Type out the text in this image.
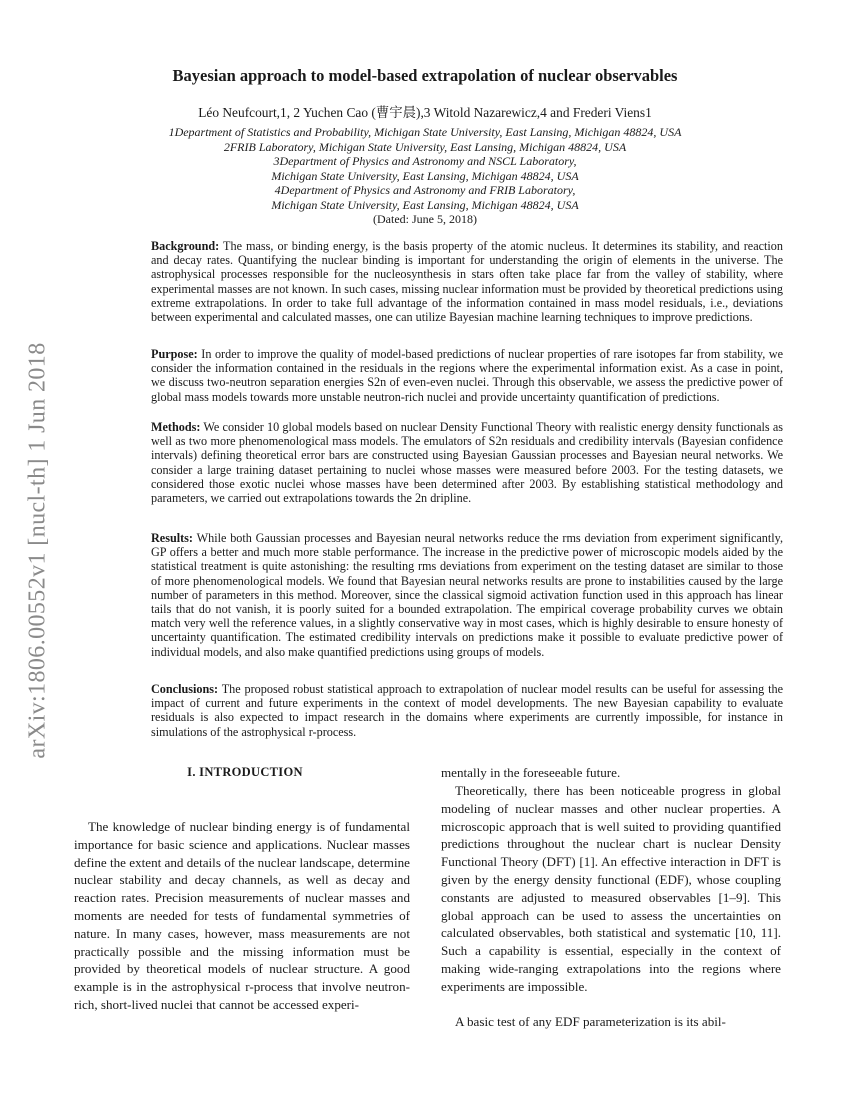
arXiv:1806.00552v1 [nucl-th] 1 Jun 2018
Bayesian approach to model-based extrapolation of nuclear observables
Léo Neufcourt,1, 2 Yuchen Cao (曹宇晨),3 Witold Nazarewicz,4 and Frederi Viens1
1Department of Statistics and Probability, Michigan State University, East Lansing, Michigan 48824, USA
2FRIB Laboratory, Michigan State University, East Lansing, Michigan 48824, USA
3Department of Physics and Astronomy and NSCL Laboratory,
Michigan State University, East Lansing, Michigan 48824, USA
4Department of Physics and Astronomy and FRIB Laboratory,
Michigan State University, East Lansing, Michigan 48824, USA
(Dated: June 5, 2018)

Background: The mass, or binding energy, is the basis property of the atomic nucleus. It determines its stability, and reaction and decay rates. Quantifying the nuclear binding is important for understanding the origin of elements in the universe. The astrophysical processes responsible for the nucleosynthesis in stars often take place far from the valley of stability, where experimental masses are not known. In such cases, missing nuclear information must be provided by theoretical predictions using extreme extrapolations. In order to take full advantage of the information contained in mass model residuals, i.e., deviations between experimental and calculated masses, one can utilize Bayesian machine learning techniques to improve predictions.

Purpose: In order to improve the quality of model-based predictions of nuclear properties of rare isotopes far from stability, we consider the information contained in the residuals in the regions where the experimental information exist. As a case in point, we discuss two-neutron separation energies S2n of even-even nuclei. Through this observable, we assess the predictive power of global mass models towards more unstable neutron-rich nuclei and provide uncertainty quantification of predictions.

Methods: We consider 10 global models based on nuclear Density Functional Theory with realistic energy density functionals as well as two more phenomenological mass models. The emulators of S2n residuals and credibility intervals (Bayesian confidence intervals) defining theoretical error bars are constructed using Bayesian Gaussian processes and Bayesian neural networks. We consider a large training dataset pertaining to nuclei whose masses were measured before 2003. For the testing datasets, we considered those exotic nuclei whose masses have been determined after 2003. By establishing statistical methodology and parameters, we carried out extrapolations towards the 2n dripline.

Results: While both Gaussian processes and Bayesian neural networks reduce the rms deviation from experiment significantly, GP offers a better and much more stable performance. The increase in the predictive power of microscopic models aided by the statistical treatment is quite astonishing: the resulting rms deviations from experiment on the testing dataset are similar to those of more phenomenological models. We found that Bayesian neural networks results are prone to instabilities caused by the large number of parameters in this method. Moreover, since the classical sigmoid activation function used in this approach has linear tails that do not vanish, it is poorly suited for a bounded extrapolation. The empirical coverage probability curves we obtain match very well the reference values, in a slightly conservative way in most cases, which is highly desirable to ensure honesty of uncertainty quantification. The estimated credibility intervals on predictions make it possible to evaluate predictive power of individual models, and also make quantified predictions using groups of models.

Conclusions: The proposed robust statistical approach to extrapolation of nuclear model results can be useful for assessing the impact of current and future experiments in the context of model developments. The new Bayesian capability to evaluate residuals is also expected to impact research in the domains where experiments are currently impossible, for instance in simulations of the astrophysical r-process.

I. INTRODUCTION

The knowledge of nuclear binding energy is of fundamental importance for basic science and applications. Nuclear masses define the extent and details of the nuclear landscape, determine nuclear stability and decay channels, as well as decay and reaction rates. Precision measurements of nuclear masses and moments are needed for tests of fundamental symmetries of nature. In many cases, however, mass measurements are not practically possible and the missing information must be provided by theoretical models of nuclear structure. A good example is in the astrophysical r-process that involve neutron-rich, short-lived nuclei that cannot be accessed experi-

mentally in the foreseeable future.

Theoretically, there has been noticeable progress in global modeling of nuclear masses and other nuclear properties. A microscopic approach that is well suited to providing quantified predictions throughout the nuclear chart is nuclear Density Functional Theory (DFT) [1]. An effective interaction in DFT is given by the energy density functional (EDF), whose coupling constants are adjusted to measured observables [1–9]. This global approach can be used to assess the uncertainties on calculated observables, both statistical and systematic [10, 11]. Such a capability is essential, especially in the context of making wide-ranging extrapolations into the regions where experiments are impossible.

A basic test of any EDF parameterization is its abil-
